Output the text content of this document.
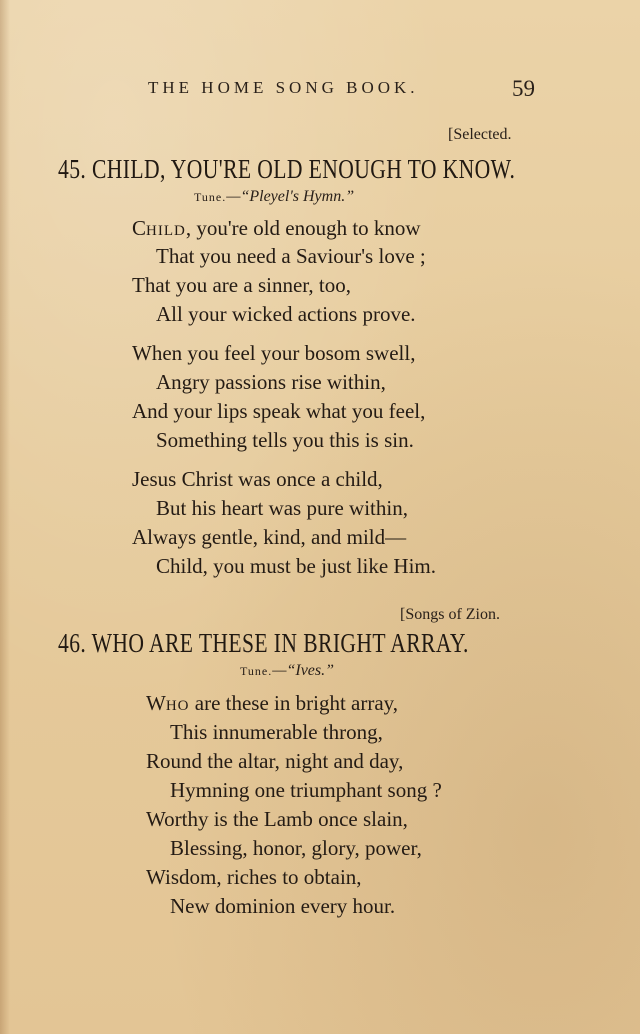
THE HOME SONG BOOK.	59
[Selected.
45. CHILD, YOU'RE OLD ENOUGH TO KNOW.
Tune.—“Pleyel's Hymn.”
CHILD, you're old enough to know
That you need a Saviour's love ;
That you are a sinner, too,
All your wicked actions prove.
When you feel your bosom swell,
Angry passions rise within,
And your lips speak what you feel,
Something tells you this is sin.
Jesus Christ was once a child,
But his heart was pure within,
Always gentle, kind, and mild—
Child, you must be just like Him.
[Songs of Zion.
46. WHO ARE THESE IN BRIGHT ARRAY.
Tune.—“Ives.”
WHO are these in bright array,
This innumerable throng,
Round the altar, night and day,
Hymning one triumphant song ?
Worthy is the Lamb once slain,
Blessing, honor, glory, power,
Wisdom, riches to obtain,
New dominion every hour.
